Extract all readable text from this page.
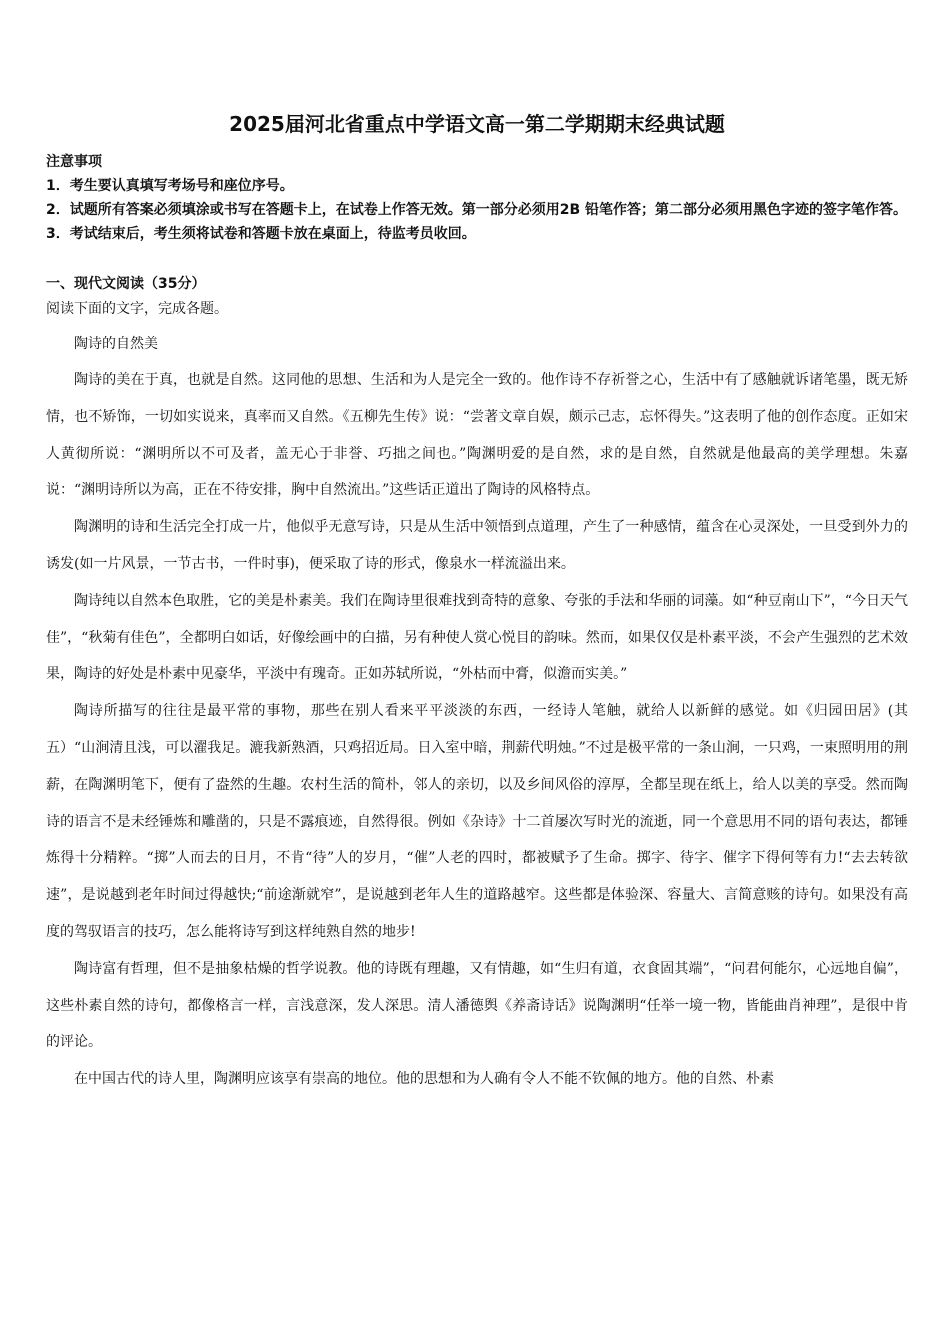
2025届河北省重点中学语文高一第二学期期末经典试题

注意事项

1．考生要认真填写考场号和座位序号。

2．试题所有答案必须填涂或书写在答题卡上，在试卷上作答无效。第一部分必须用2B 铅笔作答；第二部分必须用黑色字迹的签字笔作答。

3．考试结束后，考生须将试卷和答题卡放在桌面上，待监考员收回。

一、现代文阅读（35分）

阅读下面的文字，完成各题。

陶诗的自然美

陶诗的美在于真，也就是自然。这同他的思想、生活和为人是完全一致的。他作诗不存祈誉之心，生活中有了感触就诉诸笔墨，既无矫情，也不矫饰，一切如实说来，真率而又自然。《五柳先生传》说：“尝著文章自娱，颇示己志，忘怀得失。”这表明了他的创作态度。正如宋人黄彻所说：“渊明所以不可及者，盖无心于非誉、巧拙之间也。”陶渊明爱的是自然，求的是自然，自然就是他最高的美学理想。朱嘉说：“渊明诗所以为高，正在不待安排，胸中自然流出。”这些话正道出了陶诗的风格特点。

陶渊明的诗和生活完全打成一片，他似乎无意写诗，只是从生活中领悟到点道理，产生了一种感情，蕴含在心灵深处，一旦受到外力的诱发(如一片风景，一节古书，一件时事)，便采取了诗的形式，像泉水一样流溢出来。

陶诗纯以自然本色取胜，它的美是朴素美。我们在陶诗里很难找到奇特的意象、夸张的手法和华丽的词藻。如“种豆南山下”，“今日天气佳”，“秋菊有佳色”，全都明白如话，好像绘画中的白描，另有种使人赏心悦目的韵味。然而，如果仅仅是朴素平淡，不会产生强烈的艺术效果，陶诗的好处是朴素中见豪华，平淡中有瑰奇。正如苏轼所说，“外枯而中膏，似澹而实美。”

陶诗所描写的往往是最平常的事物，那些在别人看来平平淡淡的东西，一经诗人笔触，就给人以新鲜的感觉。如《归园田居》(其五）“山涧清且浅，可以濯我足。漉我新熟酒，只鸡招近局。日入室中暗，荆薪代明烛。”不过是极平常的一条山涧，一只鸡，一束照明用的荆薪，在陶渊明笔下，便有了盎然的生趣。农村生活的简朴，邻人的亲切，以及乡间风俗的淳厚，全都呈现在纸上，给人以美的享受。然而陶诗的语言不是未经锤炼和雕凿的，只是不露痕迹，自然得很。例如《杂诗》十二首屡次写时光的流逝，同一个意思用不同的语句表达，都锤炼得十分精粹。“掷”人而去的日月，不肯“待”人的岁月，“催”人老的四时，都被赋予了生命。掷字、待字、催字下得何等有力!“去去转欲速”，是说越到老年时间过得越快;“前途渐就窄”，是说越到老年人生的道路越窄。这些都是体验深、容量大、言简意赅的诗句。如果没有高度的驾驭语言的技巧，怎么能将诗写到这样纯熟自然的地步!

陶诗富有哲理，但不是抽象枯燥的哲学说教。他的诗既有理趣，又有情趣，如“生归有道，衣食固其端”，“问君何能尔，心远地自偏”，这些朴素自然的诗句，都像格言一样，言浅意深，发人深思。清人潘德舆《养斋诗话》说陶渊明“任举一境一物，皆能曲肖神理”，是很中肯的评论。

在中国古代的诗人里，陶渊明应该享有崇高的地位。他的思想和为人确有令人不能不钦佩的地方。他的自然、朴素
